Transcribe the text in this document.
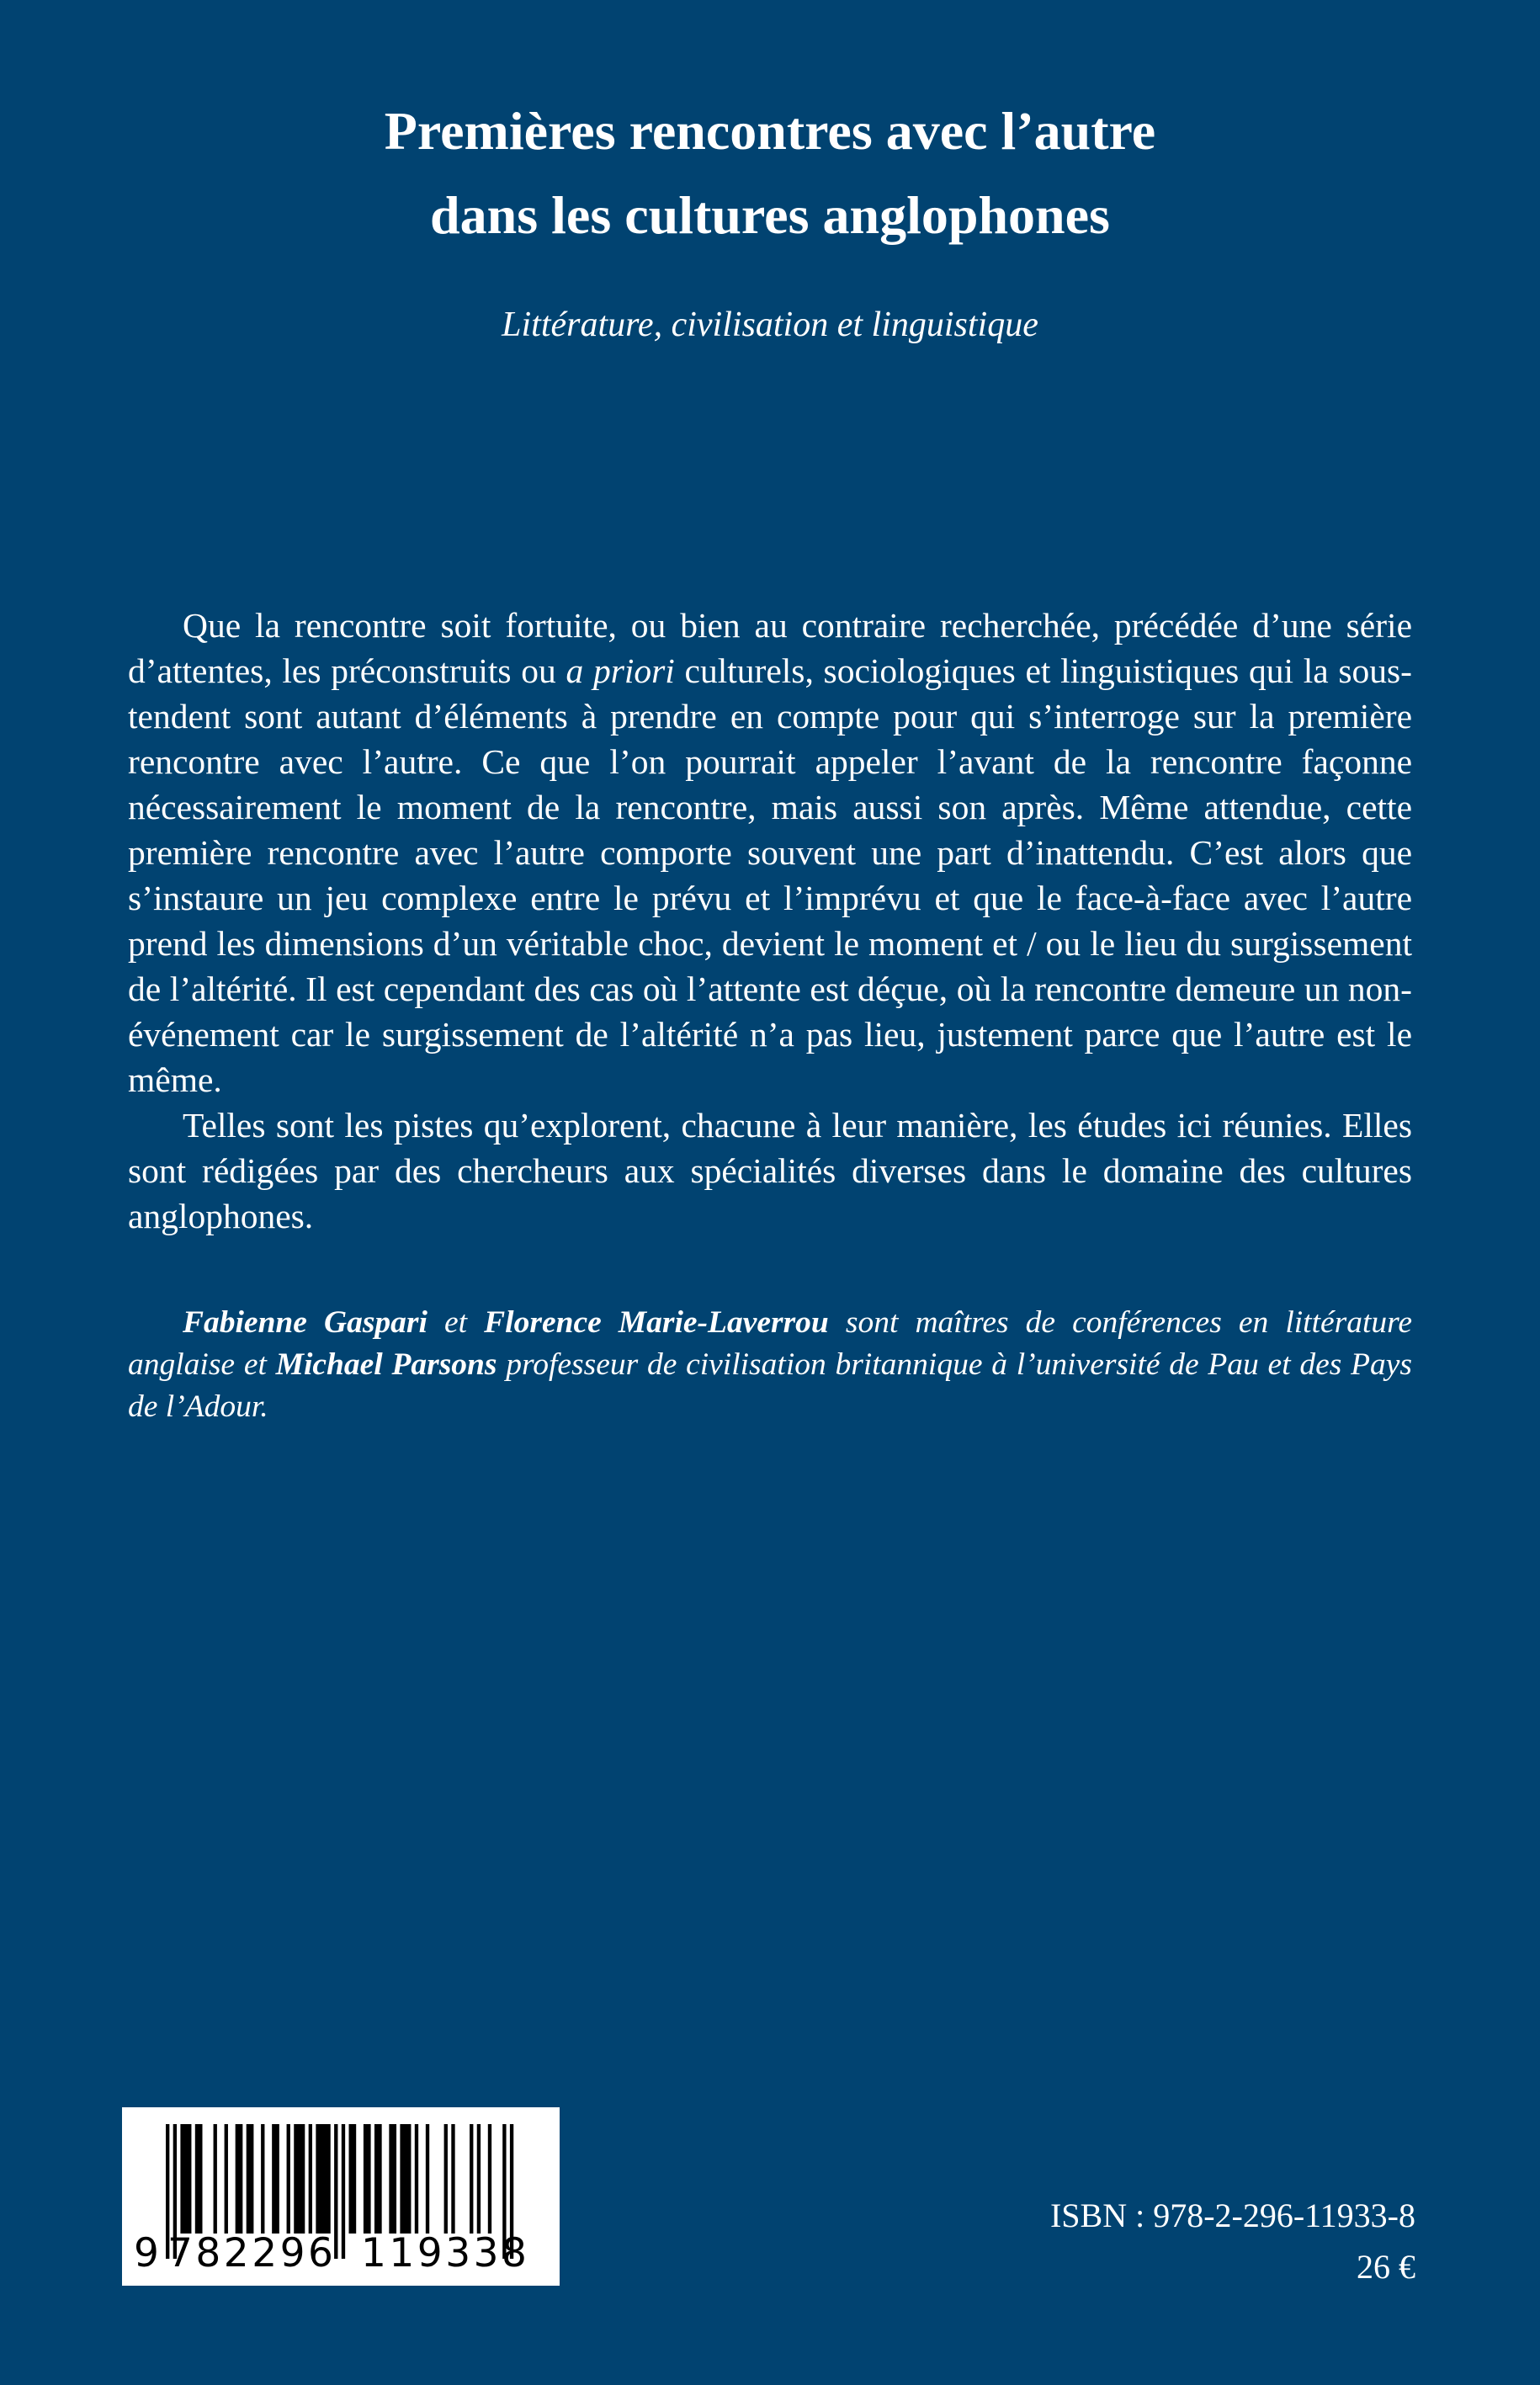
Premières rencontres avec l’autre
dans les cultures anglophones

Littérature, civilisation et linguistique

Que la rencontre soit fortuite, ou bien au contraire recherchée, précédée d’une série d’attentes, les préconstruits ou a priori culturels, sociologiques et linguistiques qui la sous-tendent sont autant d’éléments à prendre en compte pour qui s’interroge sur la première rencontre avec l’autre. Ce que l’on pourrait appeler l’avant de la rencontre façonne nécessairement le moment de la rencontre, mais aussi son après. Même attendue, cette première rencontre avec l’autre comporte souvent une part d’inattendu. C’est alors que s’instaure un jeu complexe entre le prévu et l’imprévu et que le face-à-face avec l’autre prend les dimensions d’un véritable choc, devient le moment et / ou le lieu du surgissement de l’altérité. Il est cependant des cas où l’attente est déçue, où la rencontre demeure un non-événement car le surgissement de l’altérité n’a pas lieu, justement parce que l’autre est le même.

Telles sont les pistes qu’explorent, chacune à leur manière, les études ici réunies. Elles sont rédigées par des chercheurs aux spécialités diverses dans le domaine des cultures anglophones.

Fabienne Gaspari et Florence Marie-Laverrou sont maîtres de conférences en littérature anglaise et Michael Parsons professeur de civilisation britannique à l’université de Pau et des Pays de l’Adour.

9 782296 119338
ISBN : 978-2-296-11933-8
26 €
